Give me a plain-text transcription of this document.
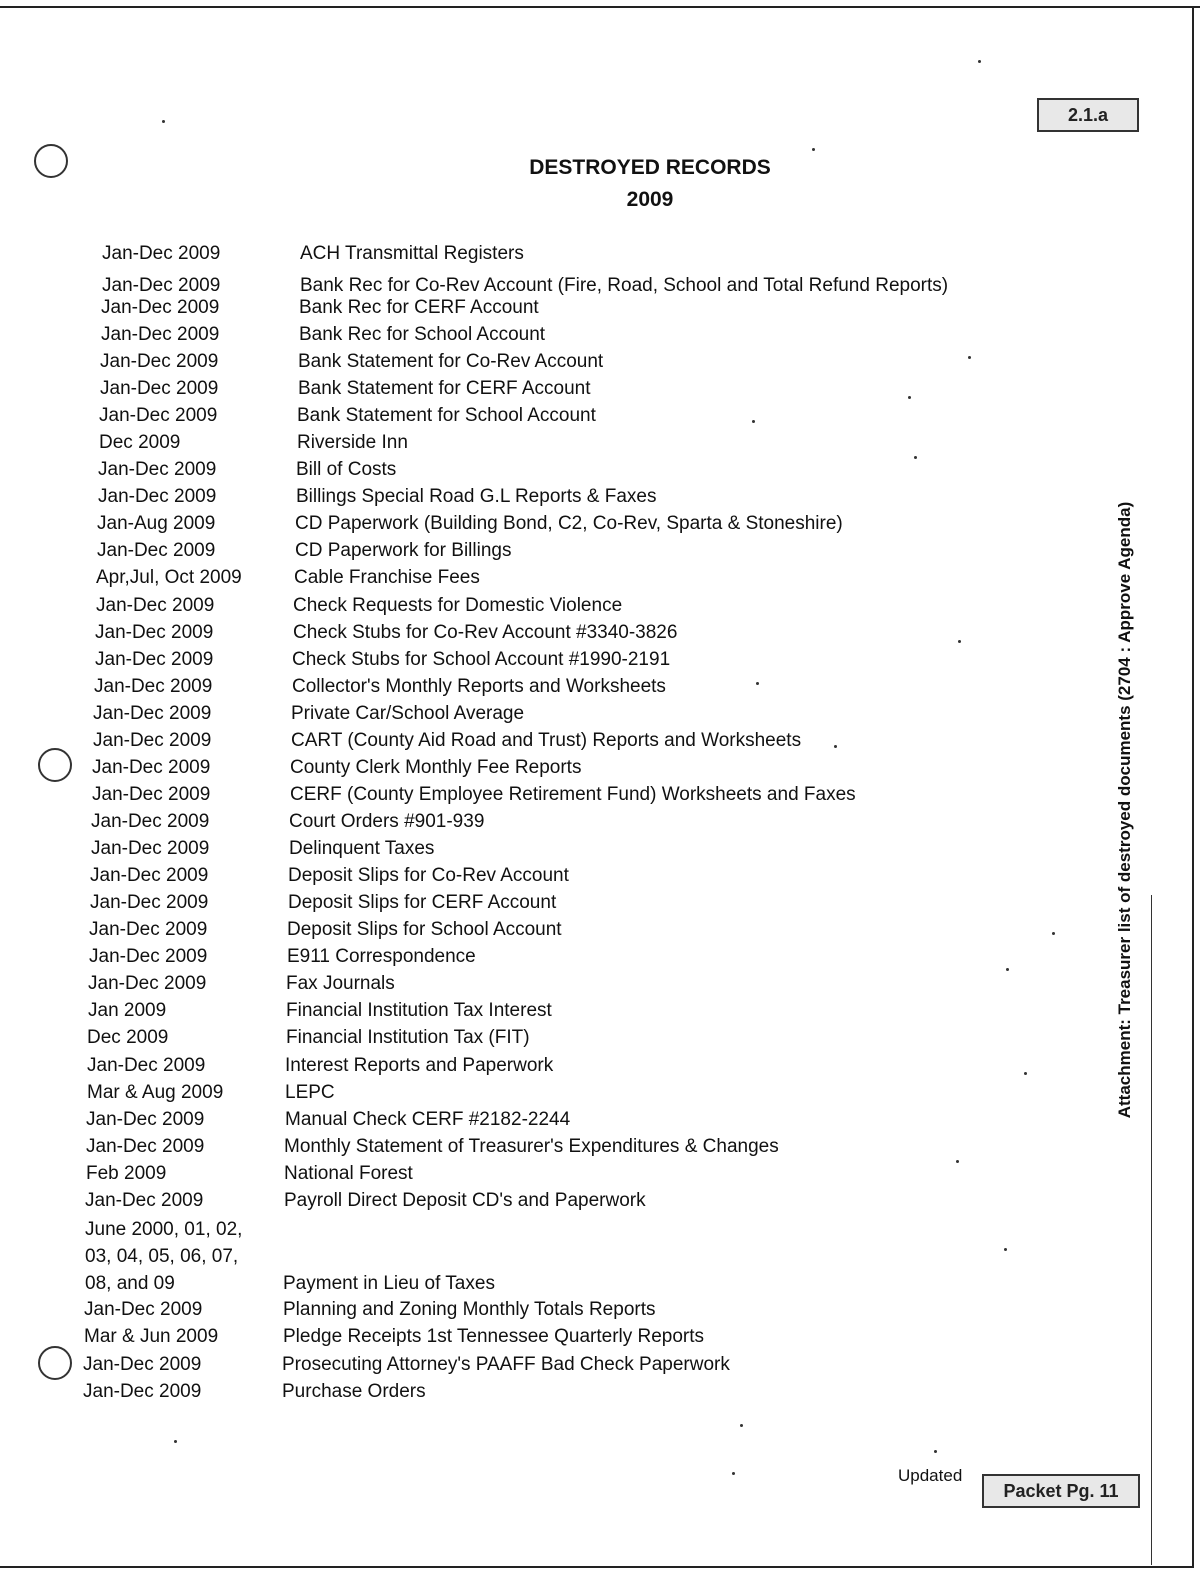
2.1.a
DESTROYED RECORDS
2009
Jan-Dec 2009	ACH Transmittal Registers
Jan-Dec 2009	Bank Rec for Co-Rev Account (Fire, Road, School and Total Refund Reports)
Jan-Dec 2009	Bank Rec for CERF Account
Jan-Dec 2009	Bank Rec for School Account
Jan-Dec 2009	Bank Statement for Co-Rev Account
Jan-Dec 2009	Bank Statement for CERF Account
Jan-Dec 2009	Bank Statement for School Account
Dec 2009	Riverside Inn
Jan-Dec 2009	Bill of Costs
Jan-Dec 2009	Billings Special Road G.L Reports & Faxes
Jan-Aug 2009	CD Paperwork (Building Bond, C2, Co-Rev, Sparta & Stoneshire)
Jan-Dec 2009	CD Paperwork for Billings
Apr,Jul, Oct 2009	Cable Franchise Fees
Jan-Dec 2009	Check Requests for Domestic Violence
Jan-Dec 2009	Check Stubs for Co-Rev Account #3340-3826
Jan-Dec 2009	Check Stubs for School Account #1990-2191
Jan-Dec 2009	Collector's Monthly Reports and Worksheets
Jan-Dec 2009	Private Car/School Average
Jan-Dec 2009	CART (County Aid Road and Trust) Reports and Worksheets
Jan-Dec 2009	County Clerk Monthly Fee Reports
Jan-Dec 2009	CERF (County Employee Retirement Fund) Worksheets and Faxes
Jan-Dec 2009	Court Orders #901-939
Jan-Dec 2009	Delinquent Taxes
Jan-Dec 2009	Deposit Slips for Co-Rev Account
Jan-Dec 2009	Deposit Slips for CERF Account
Jan-Dec 2009	Deposit Slips for School Account
Jan-Dec 2009	E911 Correspondence
Jan-Dec 2009	Fax Journals
Jan 2009	Financial Institution Tax Interest
Dec 2009	Financial Institution Tax (FIT)
Jan-Dec 2009	Interest Reports and Paperwork
Mar & Aug 2009	LEPC
Jan-Dec 2009	Manual Check CERF #2182-2244
Jan-Dec 2009	Monthly Statement of Treasurer's Expenditures & Changes
Feb 2009	National Forest
Jan-Dec 2009	Payroll Direct Deposit CD's and Paperwork
June 2000, 01, 02,
03, 04, 05, 06, 07,
08, and 09	Payment in Lieu of Taxes
Jan-Dec 2009	Planning and Zoning Monthly Totals Reports
Mar & Jun 2009	Pledge Receipts 1st Tennessee Quarterly Reports
Jan-Dec 2009	Prosecuting Attorney's PAAFF Bad Check Paperwork
Jan-Dec 2009	Purchase Orders
Attachment: Treasurer list of destroyed documents (2704 : Approve Agenda)
Updated
Packet Pg. 11
